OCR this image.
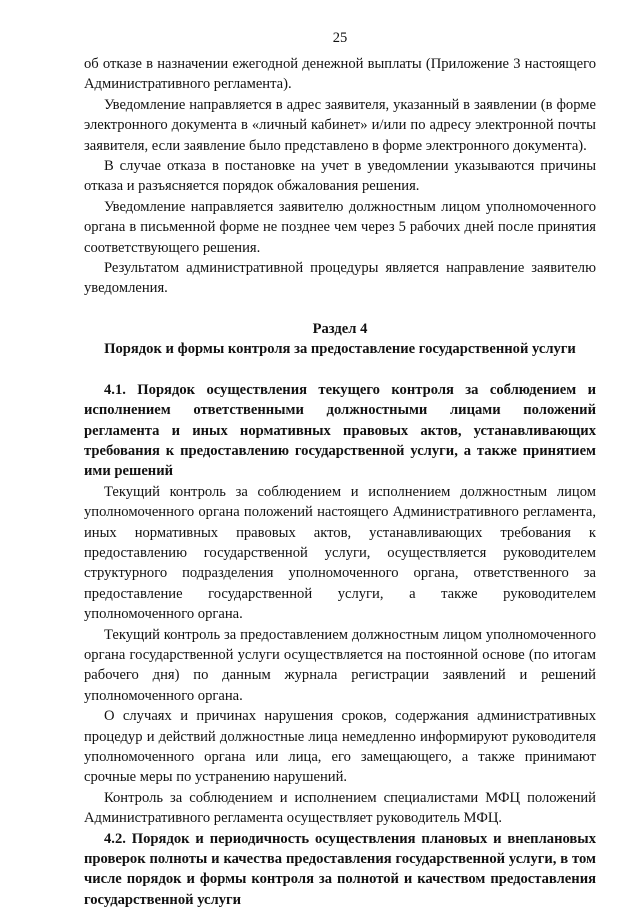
25

об отказе в назначении ежегодной денежной выплаты (Приложение 3 настоящего Административного регламента).

Уведомление направляется в адрес заявителя, указанный в заявлении (в форме электронного документа в «личный кабинет» и/или по адресу электронной почты заявителя, если заявление было представлено в форме электронного документа).

В случае отказа в постановке на учет в уведомлении указываются причины отказа и разъясняется порядок обжалования решения.

Уведомление направляется заявителю должностным лицом уполномоченного органа в письменной форме не позднее чем через 5 рабочих дней после принятия соответствующего решения.

Результатом административной процедуры является направление заявителю уведомления.

Раздел 4
Порядок и формы контроля за предоставление государственной услуги

4.1. Порядок осуществления текущего контроля за соблюдением и исполнением ответственными должностными лицами положений регламента и иных нормативных правовых актов, устанавливающих требования к предоставлению государственной услуги, а также принятием ими решений

Текущий контроль за соблюдением и исполнением должностным лицом уполномоченного органа положений настоящего Административного регламента, иных нормативных правовых актов, устанавливающих требования к предоставлению государственной услуги, осуществляется руководителем структурного подразделения уполномоченного органа, ответственного за предоставление государственной услуги, а также руководителем уполномоченного органа.

Текущий контроль за предоставлением должностным лицом уполномоченного органа государственной услуги осуществляется на постоянной основе (по итогам рабочего дня) по данным журнала регистрации заявлений и решений уполномоченного органа.

О случаях и причинах нарушения сроков, содержания административных процедур и действий должностные лица немедленно информируют руководителя уполномоченного органа или лица, его замещающего, а также принимают срочные меры по устранению нарушений.

Контроль за соблюдением и исполнением специалистами МФЦ положений Административного регламента осуществляет руководитель МФЦ.

4.2. Порядок и периодичность осуществления плановых и внеплановых проверок полноты и качества предоставления государственной услуги, в том числе порядок и формы контроля за полнотой и качеством предоставления государственной услуги
